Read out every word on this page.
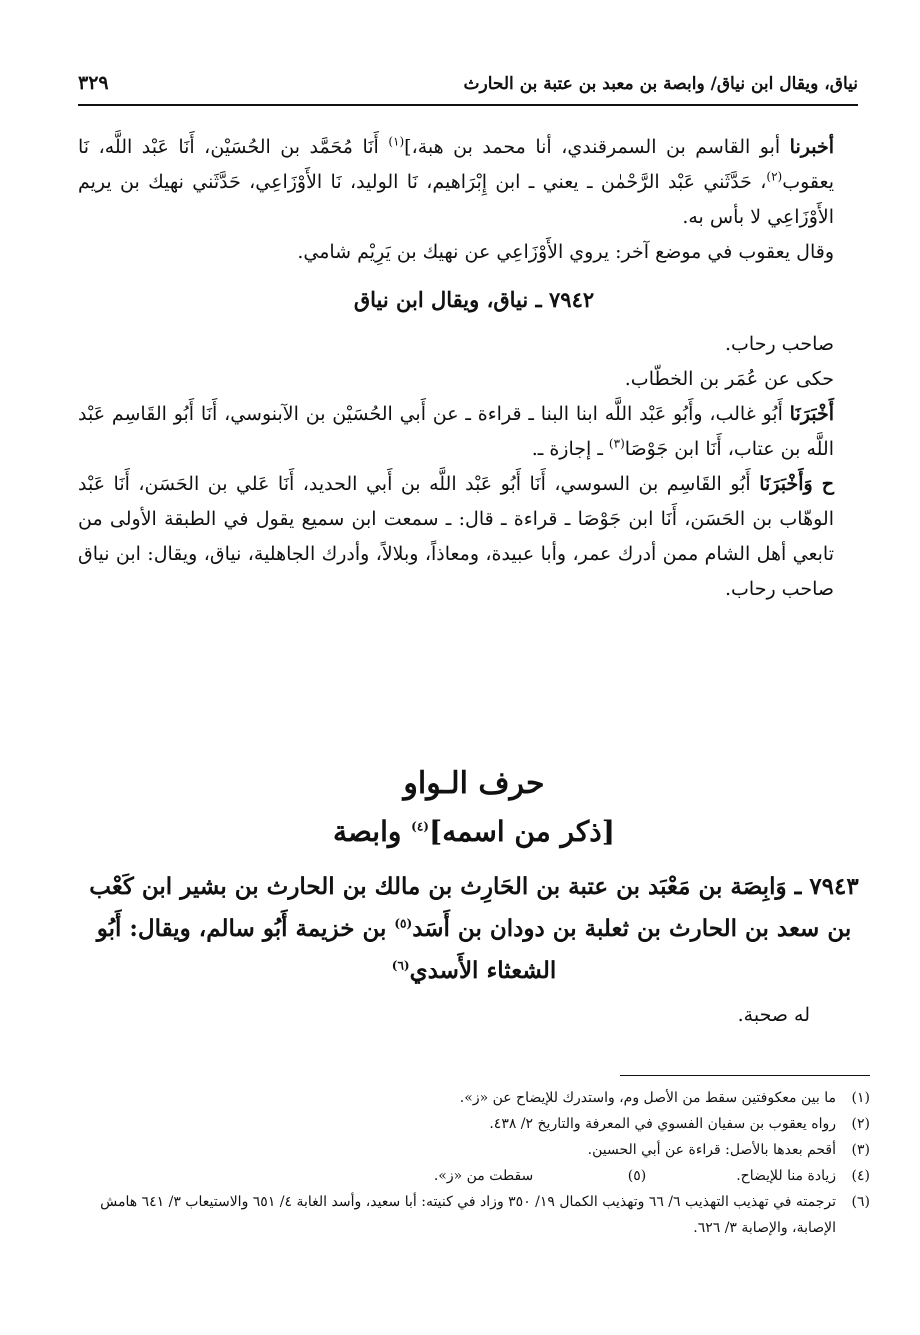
نياق، ويقال ابن نياق/ وابصة بن معبد بن عتبة بن الحارث
٣٢٩

أخبرنا أبو القاسم بن السمرقندي، أنا محمد بن هبة،]$^{(١)}$ أَنَا مُحَمَّد بن الحُسَيْن، أَنَا عَبْد اللَّه، نَا يعقوب$^{(٢)}$، حَدَّثَني عَبْد الرَّحْمٰن ـ يعني ـ ابن إِبْرَاهيم، نَا الوليد، نَا الأَوْزَاعِي، حَدَّثَني نهيك بن يريم الأَوْزَاعِي لا بأس به.

وقال يعقوب في موضع آخر: يروي الأَوْزَاعِي عن نهيك بن يَرِيْم شامي.

٧٩٤٢ ـ نياق، ويقال ابن نياق

صاحب رحاب.

حكى عن عُمَر بن الخطّاب.

أَخْبَرَنَا أَبُو غالب، وأَبُو عَبْد اللَّه ابنا البنا ـ قراءة ـ عن أَبي الحُسَيْن بن الآبنوسي، أَنَا أَبُو القَاسِم عَبْد اللَّه بن عتاب، أَنَا ابن جَوْصَا$^{(٣)}$ ـ إجازة ـ.

ح وَأَخْبَرَنَا أَبُو القَاسِم بن السوسي، أَنَا أَبُو عَبْد اللَّه بن أَبي الحديد، أَنَا عَلي بن الحَسَن، أَنَا عَبْد الوهّاب بن الحَسَن، أَنَا ابن جَوْصَا ـ قراءة ـ قال: ـ سمعت ابن سميع يقول في الطبقة الأولى من تابعي أهل الشام ممن أدرك عمر، وأبا عبيدة، ومعاذاً، وبلالاً، وأدرك الجاهلية، نياق، ويقال: ابن نياق صاحب رحاب.

حرف الـواو
[ذكر من اسمه]$^{(٤)}$ وابصة
٧٩٤٣ ـ وَابِصَة بن مَعْبَد بن عتبة بن الحَارِث بن مالك بن الحارث بن بشير ابن كَعْب بن سعد بن الحارث بن ثعلبة بن دودان بن أَسَد$^{(٥)}$ بن خزيمة أَبُو سالم، ويقال: أَبُو الشعثاء الأَسدي$^{(٦)}$
له صحبة.
(١)
ما بين معكوفتين سقط من الأصل وم، واستدرك للإيضاح عن «ز».
(٢)
رواه يعقوب بن سفيان الفسوي في المعرفة والتاريخ ٢/ ٤٣٨.
(٣)
أقحم بعدها بالأصل: قراءة عن أبي الحسين.
(٤)
زيادة منا للإيضاح.(٥) سقطت من «ز».
(٦)
ترجمته في تهذيب التهذيب ٦/ ٦٦ وتهذيب الكمال ١٩/ ٣٥٠ وزاد في كنيته: أبا سعيد، وأسد الغابة ٤/ ٦٥١ والاستيعاب ٣/ ٦٤١ هامش الإصابة، والإصابة ٣/ ٦٢٦.
